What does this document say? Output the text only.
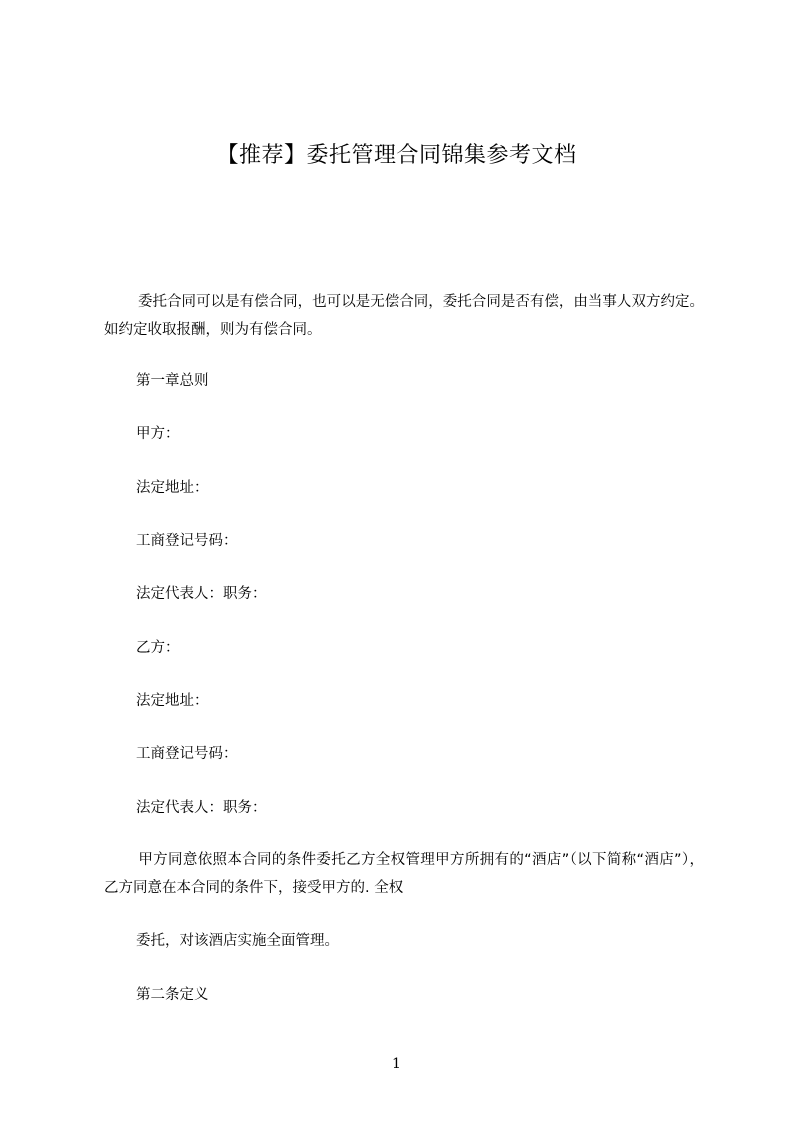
【推荐】委托管理合同锦集参考文档

委托合同可以是有偿合同，也可以是无偿合同，委托合同是否有偿，由当事人双方约定。如约定收取报酬，则为有偿合同。

第一章总则

甲方：

法定地址：

工商登记号码：

法定代表人：职务：

乙方：

法定地址：

工商登记号码：

法定代表人：职务：

甲方同意依照本合同的条件委托乙方全权管理甲方所拥有的“酒店”（以下简称“酒店”），乙方同意在本合同的条件下，接受甲方的. 全权

委托，对该酒店实施全面管理。

第二条定义

1
